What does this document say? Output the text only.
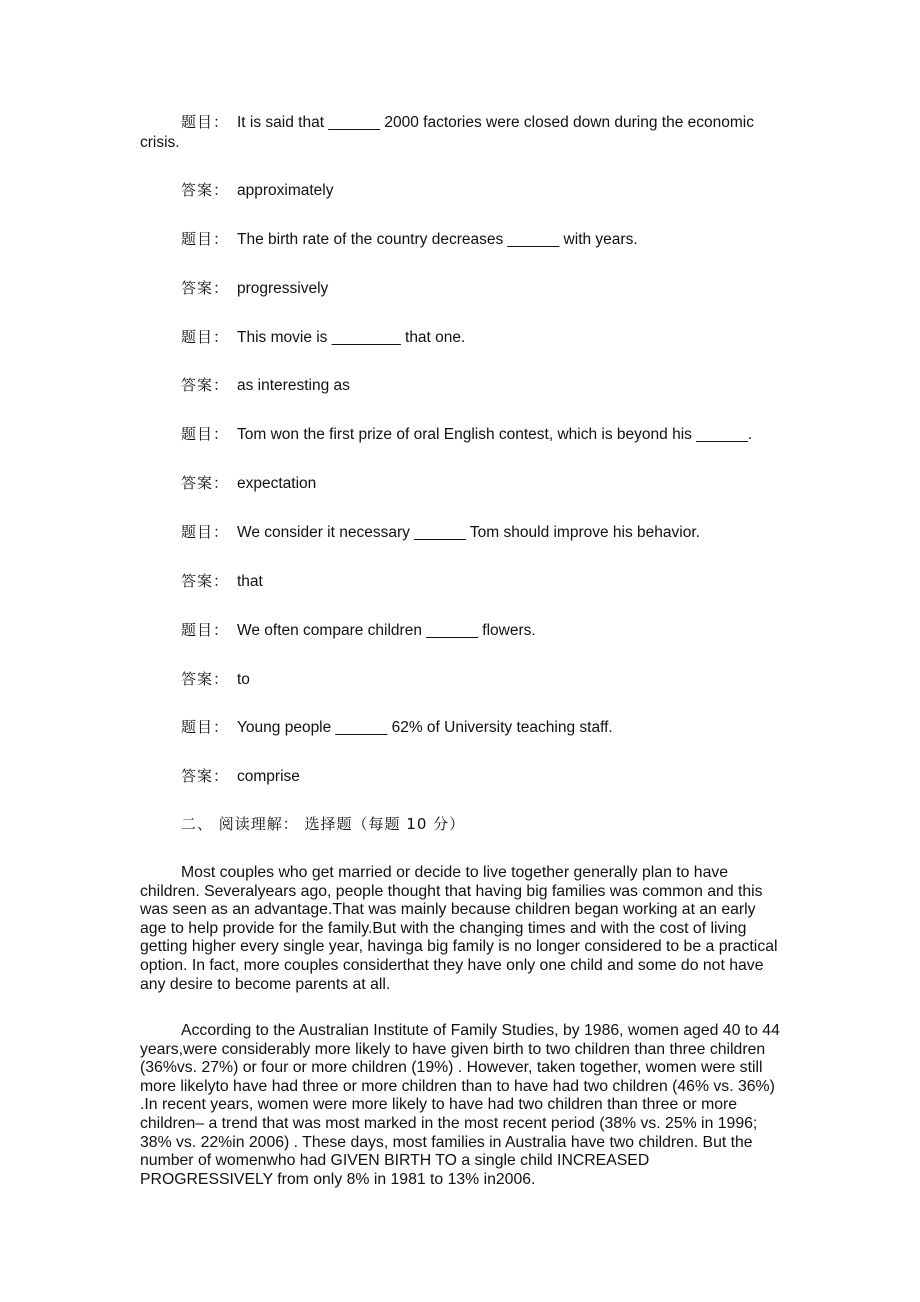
题目： It is said that ______ 2000 factories were closed down during the economic crisis.
答案： approximately
题目： The birth rate of the country decreases ______ with years.
答案： progressively
题目： This movie is ________ that one.
答案： as interesting as
题目： Tom won the first prize of oral English contest, which is beyond his ______.
答案： expectation
题目： We consider it necessary ______ Tom should improve his behavior.
答案： that
题目： We often compare children ______ flowers.
答案： to
题目： Young people ______ 62% of University teaching staff.
答案： comprise
二、 阅读理解： 选择题（每题 10 分）

Most couples who get married or decide to live together generally plan to have children. Severalyears ago, people thought that having big families was common and this was seen as an advantage.That was mainly because children began working at an early age to help provide for the family.But with the changing times and with the cost of living getting higher every single year, havinga big family is no longer considered to be a practical option. In fact, more couples considerthat they have only one child and some do not have any desire to become parents at all.

According to the Australian Institute of Family Studies, by 1986, women aged 40 to 44 years,were considerably more likely to have given birth to two children than three children (36%vs. 27%) or four or more children (19%) . However, taken together, women were still more likelyto have had three or more children than to have had two children (46% vs. 36%) .In recent years, women were more likely to have had two children than three or more children– a trend that was most marked in the most recent period (38% vs. 25% in 1996; 38% vs. 22%in 2006) . These days, most families in Australia have two children. But the number of womenwho had GIVEN BIRTH TO a single child INCREASED PROGRESSIVELY from only 8% in 1981 to 13% in2006.
